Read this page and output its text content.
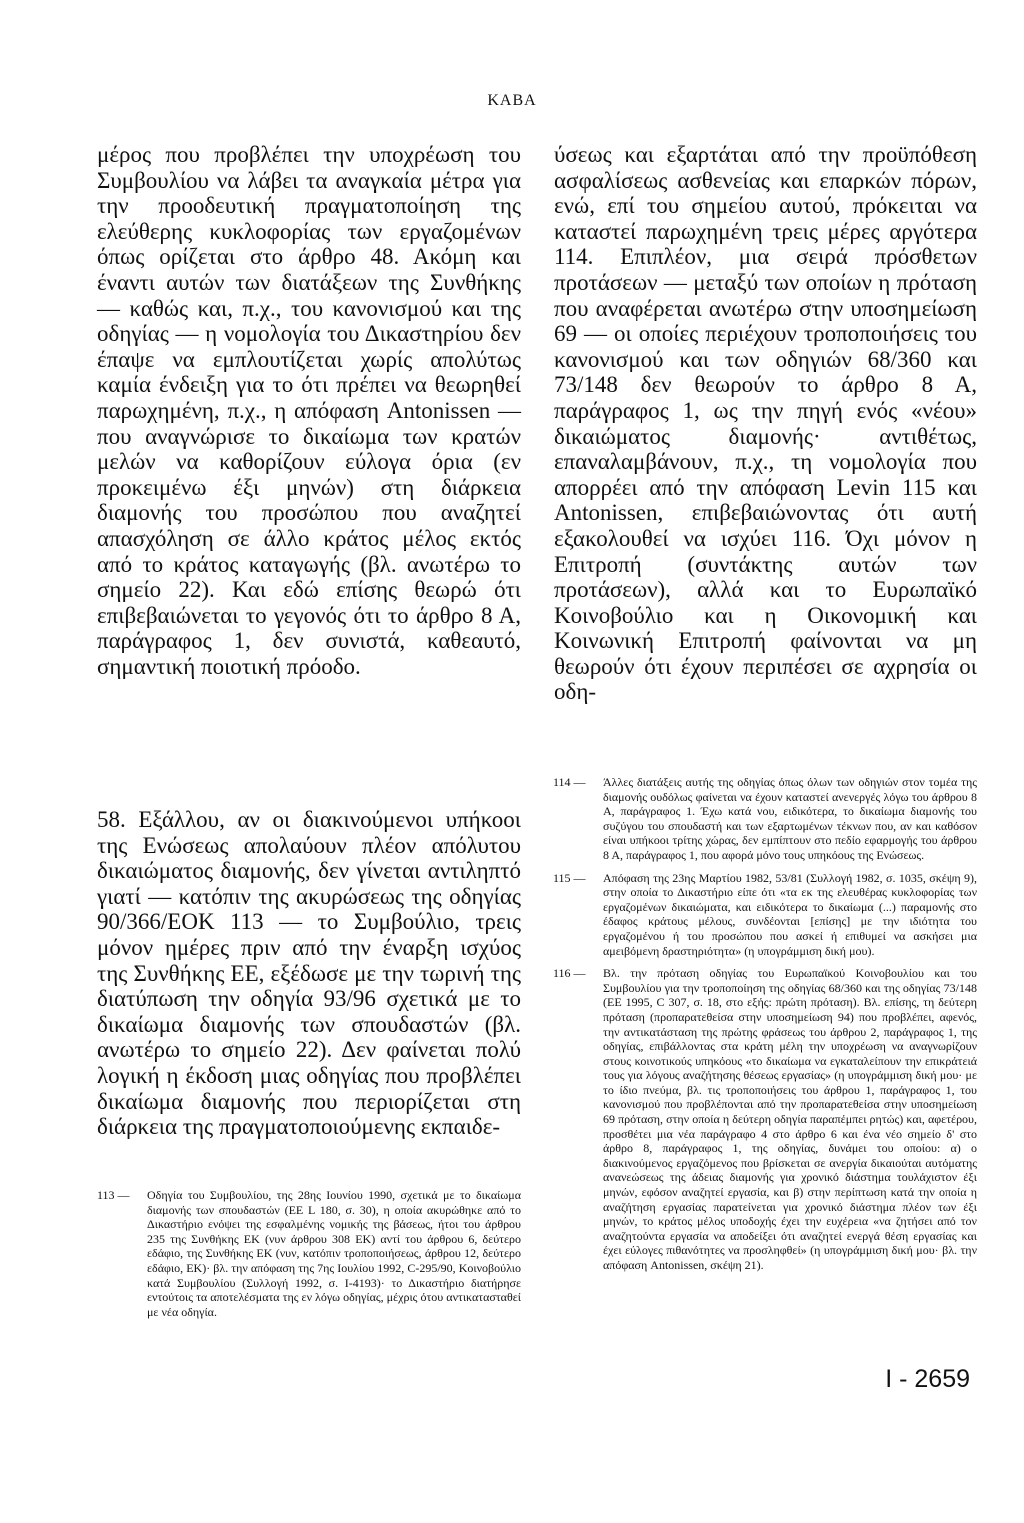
ΚΑΒΑ

μέρος που προβλέπει την υποχρέωση του Συμβουλίου να λάβει τα αναγκαία μέτρα για την προοδευτική πραγματοποίηση της ελεύθερης κυκλοφορίας των εργαζομένων όπως ορίζεται στο άρθρο 48. Ακόμη και έναντι αυτών των διατάξεων της Συνθήκης — καθώς και, π.χ., του κανονισμού και της οδηγίας — η νομολογία του Δικαστηρίου δεν έπαψε να εμπλουτίζεται χωρίς απολύτως καμία ένδειξη για το ότι πρέπει να θεωρηθεί παρωχημένη, π.χ., η απόφαση Antonissen — που αναγνώρισε το δικαίωμα των κρατών μελών να καθορίζουν εύλογα όρια (εν προκειμένω έξι μηνών) στη διάρκεια διαμονής του προσώπου που αναζητεί απασχόληση σε άλλο κράτος μέλος εκτός από το κράτος καταγωγής (βλ. ανωτέρω το σημείο 22). Και εδώ επίσης θεωρώ ότι επιβεβαιώνεται το γεγονός ότι το άρθρο 8 Α, παράγραφος 1, δεν συνιστά, καθεαυτό, σημαντική ποιοτική πρόοδο.

ύσεως και εξαρτάται από την προϋπόθεση ασφαλίσεως ασθενείας και επαρκών πόρων, ενώ, επί του σημείου αυτού, πρόκειται να καταστεί παρωχημένη τρεις μέρες αργότερα 114. Επιπλέον, μια σειρά πρόσθετων προτάσεων — μεταξύ των οποίων η πρόταση που αναφέρεται ανωτέρω στην υποσημείωση 69 — οι οποίες περιέχουν τροποποιήσεις του κανονισμού και των οδηγιών 68/360 και 73/148 δεν θεωρούν το άρθρο 8 Α, παράγραφος 1, ως την πηγή ενός «νέου» δικαιώματος διαμονής· αντιθέτως, επαναλαμβάνουν, π.χ., τη νομολογία που απορρέει από την απόφαση Levin 115 και Antonissen, επιβεβαιώνοντας ότι αυτή εξακολουθεί να ισχύει 116. Όχι μόνον η Επιτροπή (συντάκτης αυτών των προτάσεων), αλλά και το Ευρωπαϊκό Κοινοβούλιο και η Οικονομική και Κοινωνική Επιτροπή φαίνονται να μη θεωρούν ότι έχουν περιπέσει σε αχρησία οι οδη-

58. Εξάλλου, αν οι διακινούμενοι υπήκοοι της Ενώσεως απολαύουν πλέον απόλυτου δικαιώματος διαμονής, δεν γίνεται αντιληπτό γιατί — κατόπιν της ακυρώσεως της οδηγίας 90/366/ΕΟΚ 113 — το Συμβούλιο, τρεις μόνον ημέρες πριν από την έναρξη ισχύος της Συνθήκης ΕΕ, εξέδωσε με την τωρινή της διατύπωση την οδηγία 93/96 σχετικά με το δικαίωμα διαμονής των σπουδαστών (βλ. ανωτέρω το σημείο 22). Δεν φαίνεται πολύ λογική η έκδοση μιας οδηγίας που προβλέπει δικαίωμα διαμονής που περιορίζεται στη διάρκεια της πραγματοποιούμενης εκπαιδε-

113 —	Οδηγία του Συμβουλίου, της 28ης Ιουνίου 1990, σχετικά με το δικαίωμα διαμονής των σπουδαστών (ΕΕ L 180, σ. 30), η οποία ακυρώθηκε από το Δικαστήριο ενόψει της εσφαλμένης νομικής της βάσεως, ήτοι του άρθρου 235 της Συνθήκης ΕΚ (νυν άρθρου 308 ΕΚ) αντί του άρθρου 6, δεύτερο εδάφιο, της Συνθήκης ΕΚ (νυν, κατόπιν τροποποιήσεως, άρθρου 12, δεύτερο εδάφιο, ΕΚ)· βλ. την απόφαση της 7ης Ιουλίου 1992, C-295/90, Κοινοβούλιο κατά Συμβουλίου (Συλλογή 1992, σ. I-4193)· το Δικαστήριο διατήρησε εντούτοις τα αποτελέσματα της εν λόγω οδηγίας, μέχρις ότου αντικατασταθεί με νέα οδηγία.
114 —	Άλλες διατάξεις αυτής της οδηγίας όπως όλων των οδηγιών στον τομέα της διαμονής ουδόλως φαίνεται να έχουν καταστεί ανενεργές λόγω του άρθρου 8 Α, παράγραφος 1. Έχω κατά νου, ειδικότερα, το δικαίωμα διαμονής του συζύγου του σπουδαστή και των εξαρτωμένων τέκνων που, αν και καθόσον είναι υπήκοοι τρίτης χώρας, δεν εμπίπτουν στο πεδίο εφαρμογής του άρθρου 8 Α, παράγραφος 1, που αφορά μόνο τους υπηκόους της Ενώσεως.
115 —	Απόφαση της 23ης Μαρτίου 1982, 53/81 (Συλλογή 1982, σ. 1035, σκέψη 9), στην οποία το Δικαστήριο είπε ότι «τα εκ της ελευθέρας κυκλοφορίας των εργαζομένων δικαιώματα, και ειδικότερα το δικαίωμα (...) παραμονής στο έδαφος κράτους μέλους, συνδέονται [επίσης] με την ιδιότητα του εργαζομένου ή του προσώπου που ασκεί ή επιθυμεί να ασκήσει μια αμειβόμενη δραστηριότητα» (η υπογράμμιση δική μου).
116 —	Βλ. την πρόταση οδηγίας του Ευρωπαϊκού Κοινοβουλίου και του Συμβουλίου για την τροποποίηση της οδηγίας 68/360 και της οδηγίας 73/148 (ΕΕ 1995, C 307, σ. 18, στο εξής: πρώτη πρόταση). Βλ. επίσης, τη δεύτερη πρόταση (προπαρατεθείσα στην υποσημείωση 94) που προβλέπει, αφενός, την αντικατάσταση της πρώτης φράσεως του άρθρου 2, παράγραφος 1, της οδηγίας, επιβάλλοντας στα κράτη μέλη την υποχρέωση να αναγνωρίζουν στους κοινοτικούς υπηκόους «το δικαίωμα να εγκαταλείπουν την επικράτειά τους για λόγους αναζήτησης θέσεως εργασίας» (η υπογράμμιση δική μου· με το ίδιο πνεύμα, βλ. τις τροποποιήσεις του άρθρου 1, παράγραφος 1, του κανονισμού που προβλέπονται από την προπαρατεθείσα στην υποσημείωση 69 πρόταση, στην οποία η δεύτερη οδηγία παραπέμπει ρητώς) και, αφετέρου, προσθέτει μια νέα παράγραφο 4 στο άρθρο 6 και ένα νέο σημείο δ' στο άρθρο 8, παράγραφος 1, της οδηγίας, δυνάμει του οποίου: α) ο διακινούμενος εργαζόμενος που βρίσκεται σε ανεργία δικαιούται αυτόματης ανανεώσεως της άδειας διαμονής για χρονικό διάστημα τουλάχιστον έξι μηνών, εφόσον αναζητεί εργασία, και β) στην περίπτωση κατά την οποία η αναζήτηση εργασίας παρατείνεται για χρονικό διάστημα πλέον των έξι μηνών, το κράτος μέλος υποδοχής έχει την ευχέρεια «να ζητήσει από τον αναζητούντα εργασία να αποδείξει ότι αναζητεί ενεργά θέση εργασίας και έχει εύλογες πιθανότητες να προσληφθεί» (η υπογράμμιση δική μου· βλ. την απόφαση Antonissen, σκέψη 21).
I - 2659
